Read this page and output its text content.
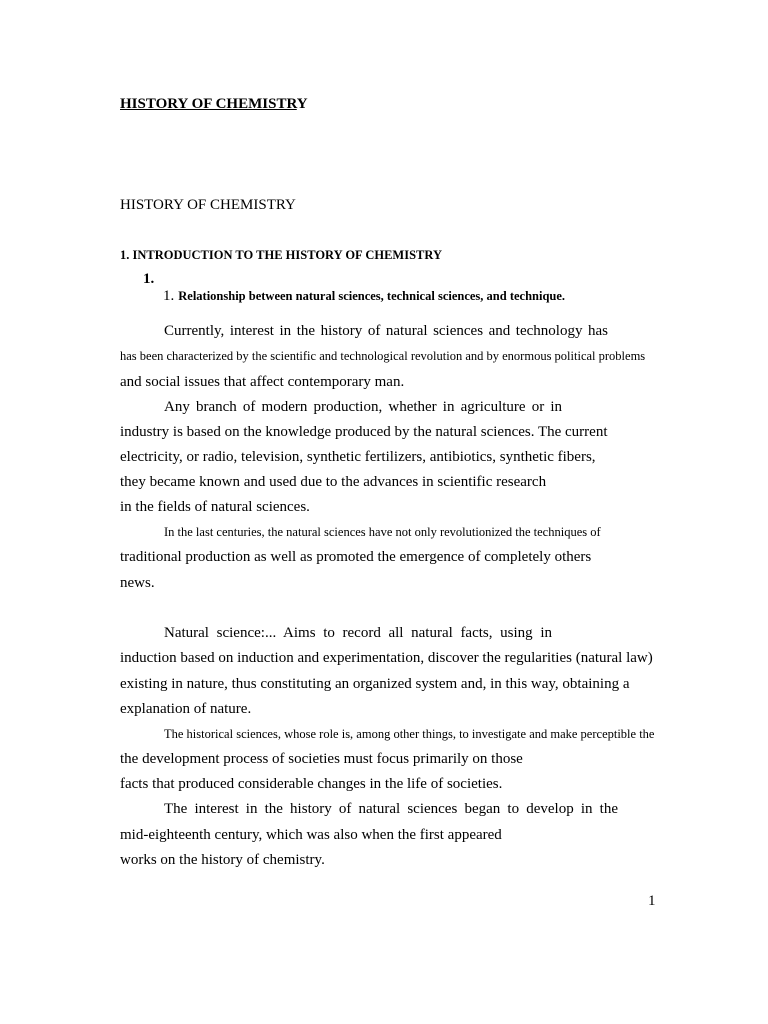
HISTORY OF CHEMISTRY

HISTORY OF CHEMISTRY

1. INTRODUCTION TO THE HISTORY OF CHEMISTRY

1.

1. Relationship between natural sciences, technical sciences, and technique.

Currently, interest in the history of natural sciences and technology has

has been characterized by the scientific and technological revolution and by enormous political problems

and social issues that affect contemporary man.

Any branch of modern production, whether in agriculture or in

industry is based on the knowledge produced by the natural sciences. The current

electricity, or radio, television, synthetic fertilizers, antibiotics, synthetic fibers,

they became known and used due to the advances in scientific research

in the fields of natural sciences.

In the last centuries, the natural sciences have not only revolutionized the techniques of

traditional production as well as promoted the emergence of completely others

news.

Natural science:... Aims to record all natural facts, using in

induction based on induction and experimentation, discover the regularities (natural law)

existing in nature, thus constituting an organized system and, in this way, obtaining a

explanation of nature.

The historical sciences, whose role is, among other things, to investigate and make perceptible the

the development process of societies must focus primarily on those

facts that produced considerable changes in the life of societies.

The interest in the history of natural sciences began to develop in the

mid-eighteenth century, which was also when the first appeared

works on the history of chemistry.

1
